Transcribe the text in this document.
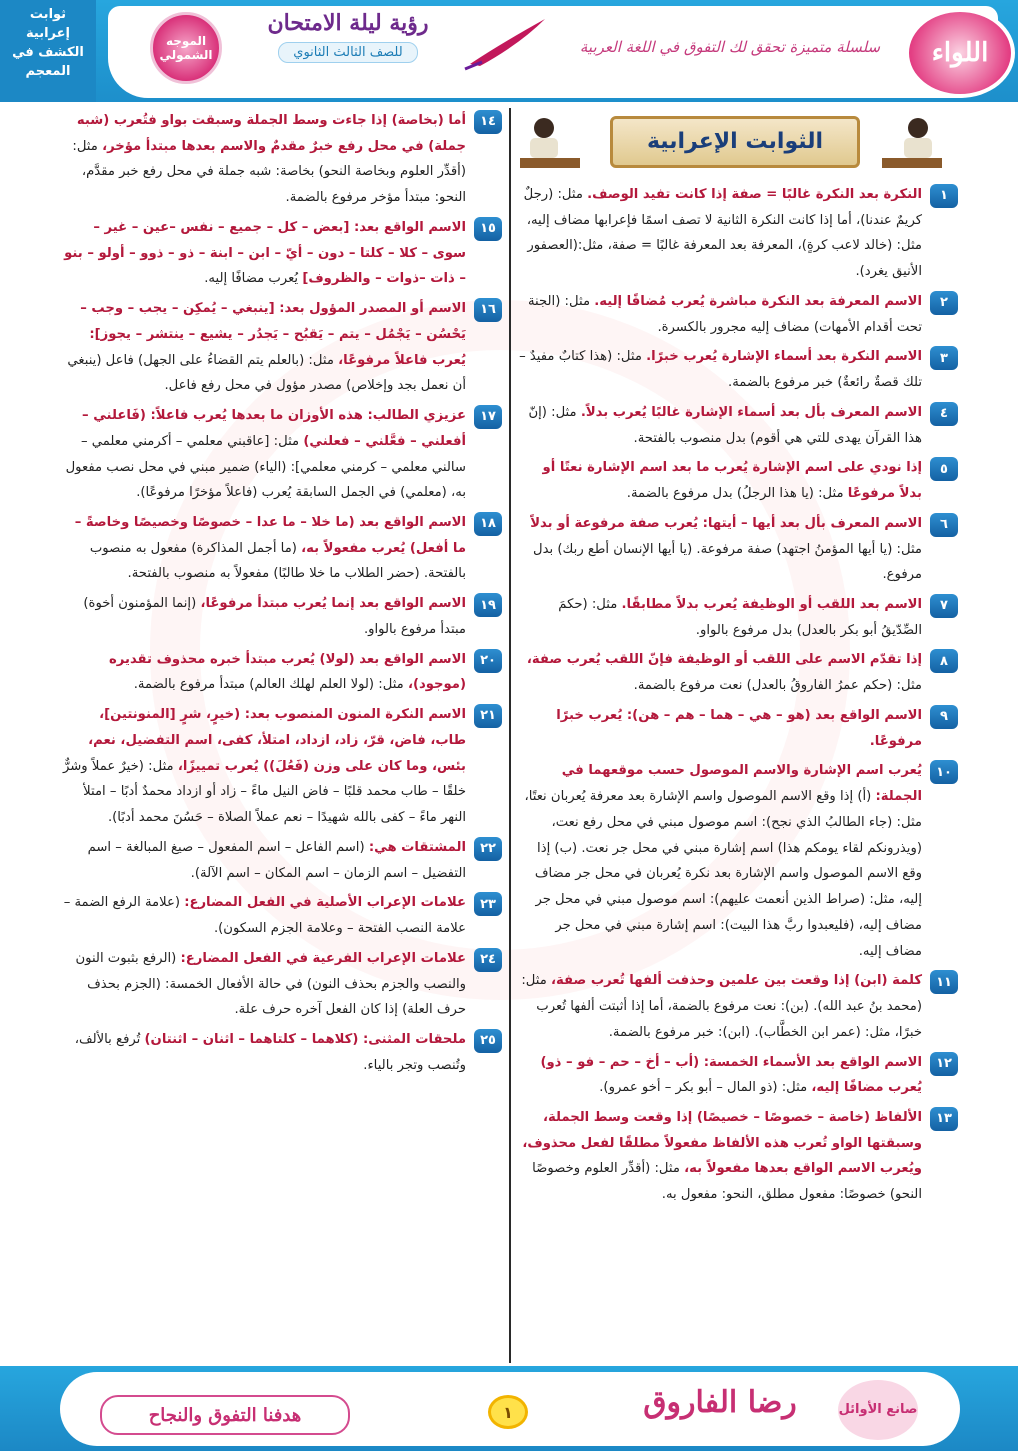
ثوابت
إعرابية
الكشف في
المعجم
الموجه الشمولي
رؤية ليلة الامتحان
للصف الثالث الثانوي	سلسلة متميزة تحقق لك التفوق في اللغة العربية	اللواء
الثوابت الإعرابية
١
النكرة بعد النكرة غالبًا = صفة إذا كانت تفيد الوصف. مثل: (رجلٌ كريمٌ عندنا)، أما إذا كانت النكرة الثانية لا تصف اسمًا فإعرابها مضاف إليه، مثل: (خالد لاعب كرةٍ)، المعرفة بعد المعرفة غالبًا = صفة، مثل:(العصفور الأنيق يغرد).
٢
الاسم المعرفة بعد النكرة مباشرة يُعرب مُضافًا إليه. مثل: (الجنة تحت أقدام الأمهات) مضاف إليه مجرور بالكسرة.
٣
الاسم النكرة بعد أسماء الإشارة يُعرب خبرًا. مثل: (هذا كتابٌ مفيدٌ –تلك قصةٌ رائعةٌ) خبر مرفوع بالضمة.
٤
الاسم المعرف بأل بعد أسماء الإشارة غالبًا يُعرب بدلاً. مثل: (إنّ هذا القرآن يهدى للتي هي أقوم) بدل منصوب بالفتحة.
٥
إذا نودي على اسم الإشارة يُعرب ما بعد اسم الإشارة نعتًا أو بدلاً مرفوعًا مثل: (يا هذا الرجلُ) بدل مرفوع بالضمة.
٦
الاسم المعرف بأل بعد أيها – أيتها: يُعرب صفة مرفوعة أو بدلاً مثل: (يا أيها المؤمنُ اجتهد) صفة مرفوعة. (يا أيها الإنسان أطع ربك) بدل مرفوع.
٧
الاسم بعد اللقب أو الوظيفة يُعرب بدلاً مطابقًا. مثل: (حكمَ الصِّدّيقُ أبو بكر بالعدل) بدل مرفوع بالواو.
٨
إذا تقدّم الاسم على اللقب أو الوظيفة فإنّ اللقب يُعرب صفة، مثل: (حكم عمرُ الفاروقُ بالعدل) نعت مرفوع بالضمة.
٩
الاسم الواقع بعد (هو – هي – هما – هم – هن): يُعرب خبرًا مرفوعًا.
١٠
يُعرب اسم الإشارة والاسم الموصول حسب موقعهما في الجملة: (أ) إذا وقع الاسم الموصول واسم الإشارة بعد معرفة يُعربان نعتًا، مثل: (جاء الطالبُ الذي نجح): اسم موصول مبني في محل رفع نعت، (ويذرونكم لقاء يومكم هذا) اسم إشارة مبني في محل جر نعت. (ب) إذا وقع الاسم الموصول واسم الإشارة بعد نكرة يُعربان في محل جر مضاف إليه، مثل: (صراط الذين أنعمت عليهم): اسم موصول مبني في محل جر مضاف إليه، (فليعبدوا ربَّ هذا البيت): اسم إشارة مبني في محل جر مضاف إليه.
١١
كلمة (ابن) إذا وقعت بين علمين وحذفت ألفها تُعرب صفة، مثل: (محمد بنُ عبد الله). (بن): نعت مرفوع بالضمة، أما إذا أثبتت ألفها تُعرب خبرًا، مثل: (عمر ابن الخطَّاب). (ابن): خبر مرفوع بالضمة.
١٢
الاسم الواقع بعد الأسماء الخمسة: (أب – أخ – حم – فو – ذو) يُعرب مضافًا إليه، مثل: (ذو المال – أبو بكر – أخو عمرو).
١٣
الألفاظ (خاصة – خصوصًا – خصيصًا) إذا وقعت وسط الجملة، وسبقتها الواو تُعرب هذه الألفاظ مفعولاً مطلقًا لفعل محذوف، ويُعرب الاسم الواقع بعدها مفعولاً به، مثل: (أقدِّر العلوم وخصوصًا النحو) خصوصًا: مفعول مطلق، النحو: مفعول به.
١٤
أما (بخاصة) إذا جاءت وسط الجملة وسبقت بواو فتُعرب (شبه جملة) في محل رفع خبرٌ مقدمٌ والاسم بعدها مبتدأ مؤخر، مثل: (أقدِّر العلوم وبخاصة النحو) بخاصة: شبه جملة في محل رفع خبر مقدَّم، النحو: مبتدأ مؤخر مرفوع بالضمة.
١٥
الاسم الواقع بعد: [بعض – كل – جميع – نفس –عين – غير – سوى – كلا – كلتا – دون – أيّ – ابن – ابنة – ذو – ذوو – أولو – بنو – ذات –ذوات – والظروف] يُعرب مضافًا إليه.
١٦
الاسم أو المصدر المؤول بعد: [ينبغي – يُمكِن – يجب – وجب – يَحْسُن – يَجْمُل – يتم – يَقبُح – يَجدُر – يشيع – ينتشر – يجوز]: يُعرب فاعلاً مرفوعًا، مثل: (بالعلم يتم القضاءُ على الجهل) فاعل (ينبغي أن نعمل بجد وإخلاص) مصدر مؤول في محل رفع فاعل.
١٧
عزيزي الطالب: هذه الأوزان ما بعدها يُعرب فاعلاً: (فَاعلني – أفعلني – فعَّلني – فعلني) مثل: [عاقبني معلمي – أكرمني معلمي – سالني معلمي – كرمني معلمي]: (الياء) ضمير مبني في محل نصب مفعول به، (معلمي) في الجمل السابقة يُعرب (فاعلاً مؤخرًا مرفوعًا).
١٨
الاسم الواقع بعد (ما خلا – ما عدا – خصوصًا وخصيصًا وخاصةً – ما أفعل) يُعرب مفعولاً به، (ما أجمل المذاكرة) مفعول به منصوب بالفتحة. (حضر الطلاب ما خلا طالبًا) مفعولاً به منصوب بالفتحة.
١٩
الاسم الواقع بعد إنما يُعرب مبتدأ مرفوعًا، (إنما المؤمنون أخوة) مبتدأ مرفوع بالواو.
٢٠
الاسم الواقع بعد (لولا) يُعرب مبتدأ خبره محذوف تقديره (موجود)، مثل: (لولا العلم لهلك العالم) مبتدأ مرفوع بالضمة.
٢١
الاسم النكرة المنون المنصوب بعد: (خيرٍ، شرٍ [المنونتين]، طاب، فاض، قرّ، زاد، ازداد، امتلأ، كفى، اسم التفضيل، نعم، بئس، وما كان على وزن (فَعُلَ)) يُعرب تمييزًا، مثل: (خيرٌ عملاً وشرٌّ خلقًا – طاب محمد قلبًا – فاض النيل ماءً – زاد أو ازداد محمدٌ أدبًا – امتلأ النهر ماءً – كفى بالله شهيدًا – نعم عملاً الصلاة – حَسُنَ محمد أدبًا).
٢٢
المشتقات هي: (اسم الفاعل – اسم المفعول – صيغ المبالغة – اسم التفضيل – اسم الزمان – اسم المكان – اسم الآلة).
٢٣
علامات الإعراب الأصلية في الفعل المضارع: (علامة الرفع الضمة – علامة النصب الفتحة – وعلامة الجزم السكون).
٢٤
علامات الإعراب الفرعية في الفعل المضارع: (الرفع بثبوت النون والنصب والجزم بحذف النون) في حالة الأفعال الخمسة: (الجزم بحذف حرف العلة) إذا كان الفعل آخره حرف علة.
٢٥
ملحقات المثنى: (كلاهما – كلتاهما – اثنان – اثنتان) تُرفع بالألف، وتُنصب وتجر بالياء.
صانع الأوائل
رضا الفاروق
١
هدفنا التفوق والنجاح
